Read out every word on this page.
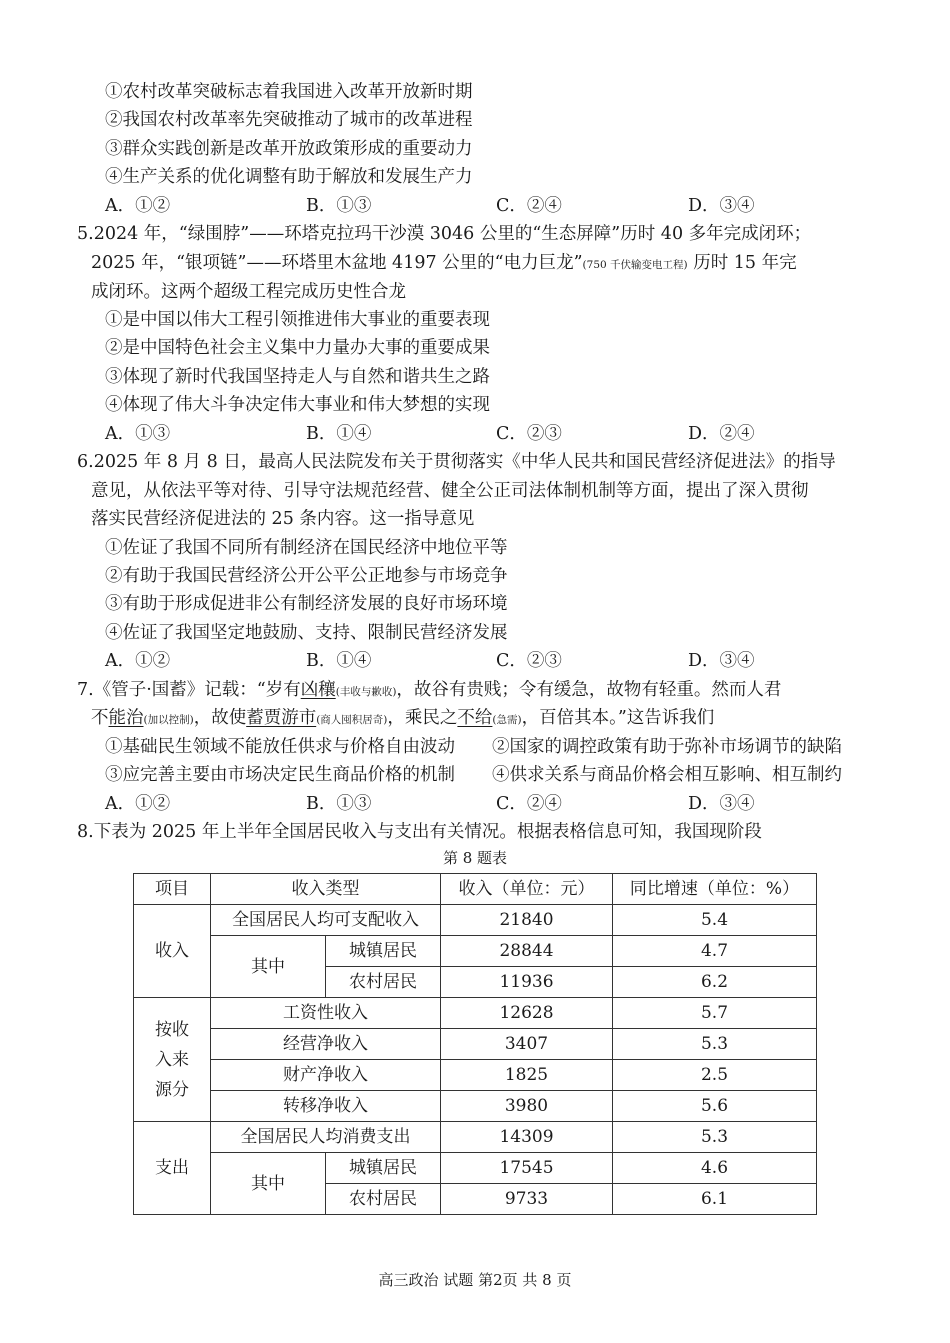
①农村改革突破标志着我国进入改革开放新时期
②我国农村改革率先突破推动了城市的改革进程
③群众实践创新是改革开放政策形成的重要动力
④生产关系的优化调整有助于解放和发展生产力
A．①②	B．①③	C．②④	D．③④
5.2024 年，“绿围脖”——环塔克拉玛干沙漠 3046 公里的“生态屏障”历时 40 多年完成闭环；
2025 年，“银项链”——环塔里木盆地 4197 公里的“电力巨龙”(750 千伏输变电工程) 历时 15 年完
成闭环。这两个超级工程完成历史性合龙
①是中国以伟大工程引领推进伟大事业的重要表现
②是中国特色社会主义集中力量办大事的重要成果
③体现了新时代我国坚持走人与自然和谐共生之路
④体现了伟大斗争决定伟大事业和伟大梦想的实现
A．①③	B．①④	C．②③	D．②④
6.2025 年 8 月 8 日，最高人民法院发布关于贯彻落实《中华人民共和国民营经济促进法》的指导
意见，从依法平等对待、引导守法规范经营、健全公正司法体制机制等方面，提出了深入贯彻
落实民营经济促进法的 25 条内容。这一指导意见
①佐证了我国不同所有制经济在国民经济中地位平等
②有助于我国民营经济公开公平公正地参与市场竞争
③有助于形成促进非公有制经济发展的良好市场环境
④佐证了我国坚定地鼓励、支持、限制民营经济发展
A．①②	B．①④	C．②③	D．③④
7.《管子·国蓄》记载：“岁有凶穰(丰收与歉收)，故谷有贵贱；令有缓急，故物有轻重。然而人君
不能治(加以控制)，故使蓄贾游市(商人囤积居奇)，乘民之不给(急需)，百倍其本。”这告诉我们
①基础民生领域不能放任供求与价格自由波动 ②国家的调控政策有助于弥补市场调节的缺陷
③应完善主要由市场决定民生商品价格的机制 ④供求关系与商品价格会相互影响、相互制约
A．①②	B．①③	C．②④	D．③④
8.下表为 2025 年上半年全国居民收入与支出有关情况。根据表格信息可知，我国现阶段
第 8 题表
项目	收入类型		收入（单位：元）	同比增速（单位：%）
收入	全国居民人均可支配收入		21840	5.4
	其中	城镇居民	28844	4.7
		农村居民	11936	6.2
按收入来源分	工资性收入		12628	5.7
	经营净收入		3407	5.3
	财产净收入		1825	2.5
	转移净收入		3980	5.6
支出	全国居民人均消费支出		14309	5.3
	其中	城镇居民	17545	4.6
		农村居民	9733	6.1
高三政治 试题 第2页 共 8 页
